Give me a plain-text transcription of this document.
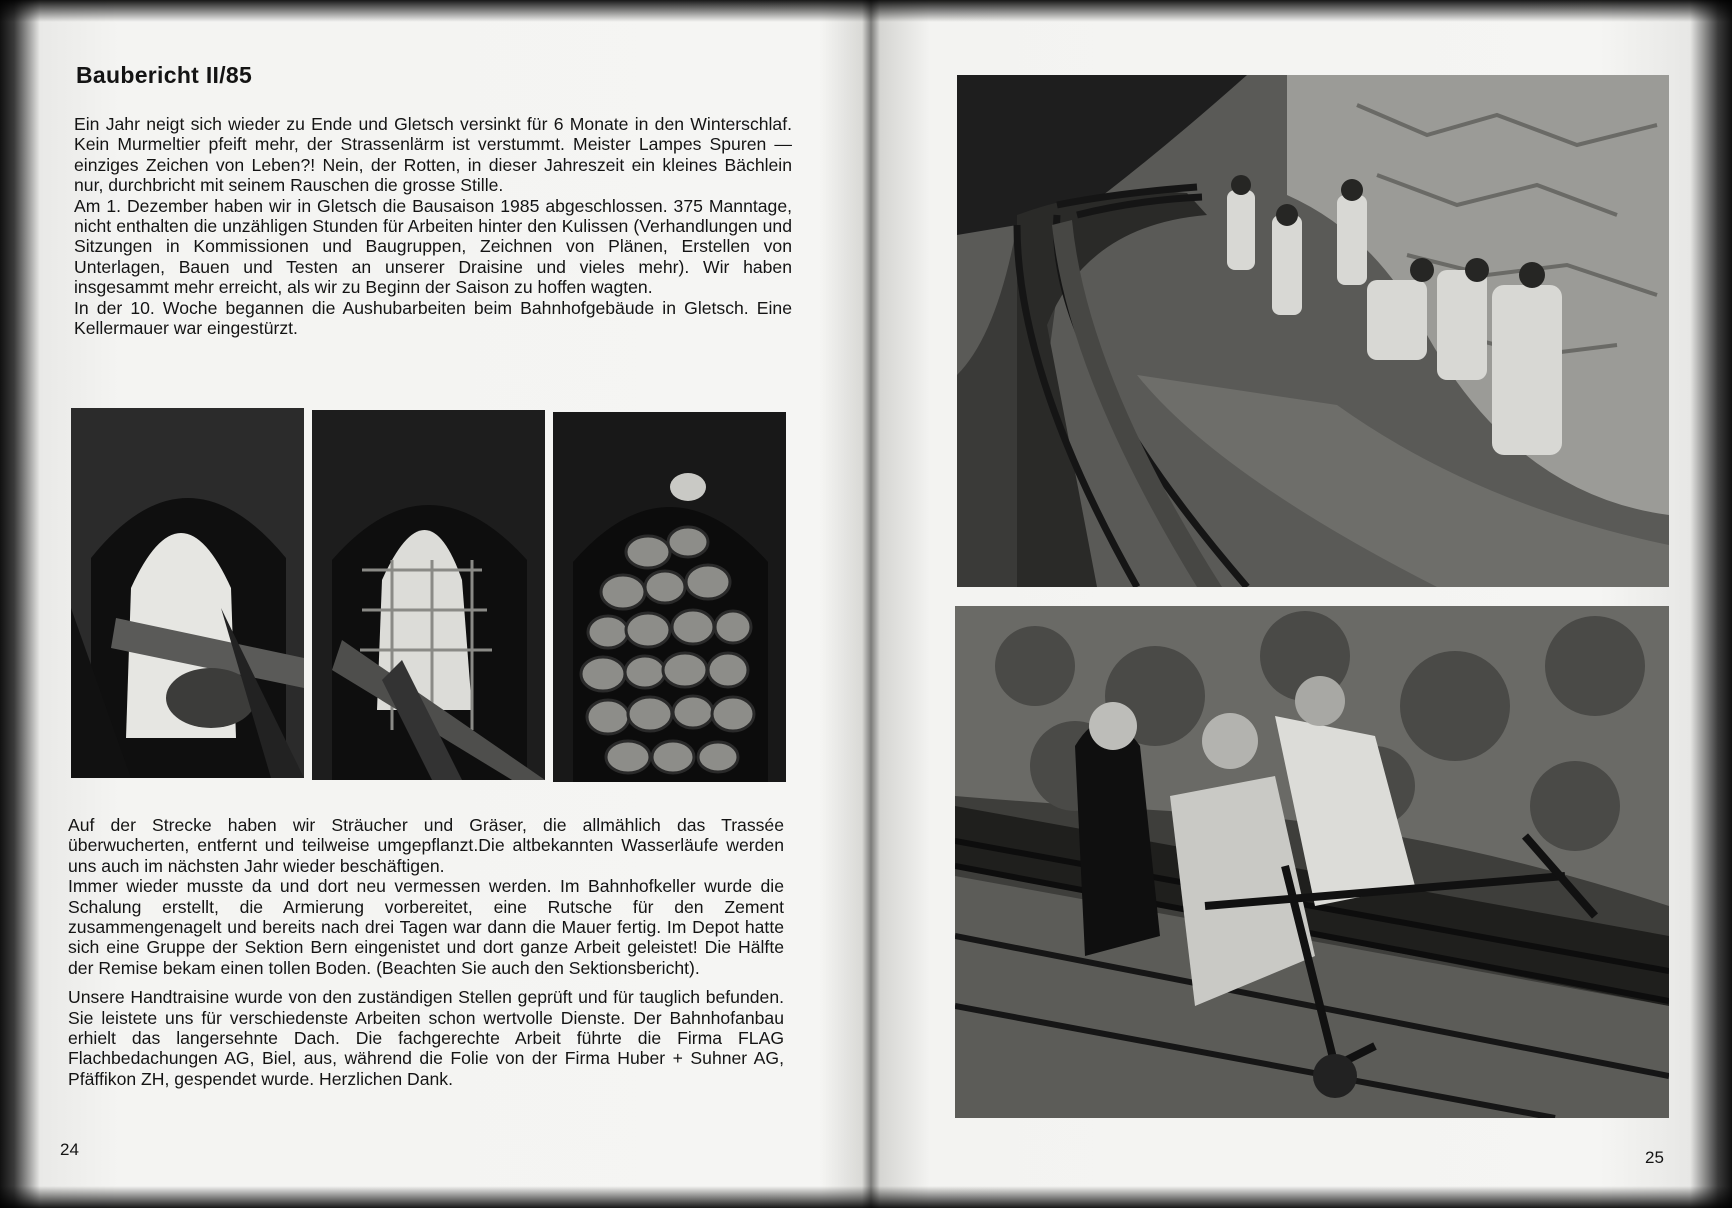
Baubericht II/85

Ein Jahr neigt sich wieder zu Ende und Gletsch versinkt für 6 Monate in den Winterschlaf. Kein Murmeltier pfeift mehr, der Strassenlärm ist verstummt. Meister Lampes Spuren — einziges Zeichen von Leben?! Nein, der Rotten, in dieser Jahreszeit ein kleines Bächlein nur, durchbricht mit seinem Rauschen die grosse Stille.

Am 1. Dezember haben wir in Gletsch die Bausaison 1985 abgeschlossen. 375 Manntage, nicht enthalten die unzähligen Stunden für Arbeiten hinter den Kulissen (Verhandlungen und Sitzungen in Kommissionen und Baugruppen, Zeichnen von Plänen, Erstellen von Unterlagen, Bauen und Testen an unserer Draisine und vieles mehr). Wir haben insgesammt mehr erreicht, als wir zu Beginn der Saison zu hoffen wagten.

In der 10. Woche begannen die Aushubarbeiten beim Bahnhofgebäude in Gletsch. Eine Kellermauer war eingestürzt.

Auf der Strecke haben wir Sträucher und Gräser, die allmählich das Trassée überwucherten, entfernt und teilweise umgepflanzt.Die altbekannten Wasserläufe werden uns auch im nächsten Jahr wieder beschäftigen.

Immer wieder musste da und dort neu vermessen werden. Im Bahnhofkeller wurde die Schalung erstellt, die Armierung vorbereitet, eine Rutsche für den Zement zusammengenagelt und bereits nach drei Tagen war dann die Mauer fertig. Im Depot hatte sich eine Gruppe der Sektion Bern eingenistet und dort ganze Arbeit geleistet! Die Hälfte der Remise bekam einen tollen Boden. (Beachten Sie auch den Sektionsbericht).

Unsere Handtraisine wurde von den zuständigen Stellen geprüft und für tauglich befunden. Sie leistete uns für verschiedenste Arbeiten schon wertvolle Dienste. Der Bahnhofanbau erhielt das langersehnte Dach. Die fachgerechte Arbeit führte die Firma FLAG Flachbedachungen AG, Biel, aus, während die Folie von der Firma Huber + Suhner AG, Pfäffikon ZH, gespendet wurde. Herzlichen Dank.

24	25
